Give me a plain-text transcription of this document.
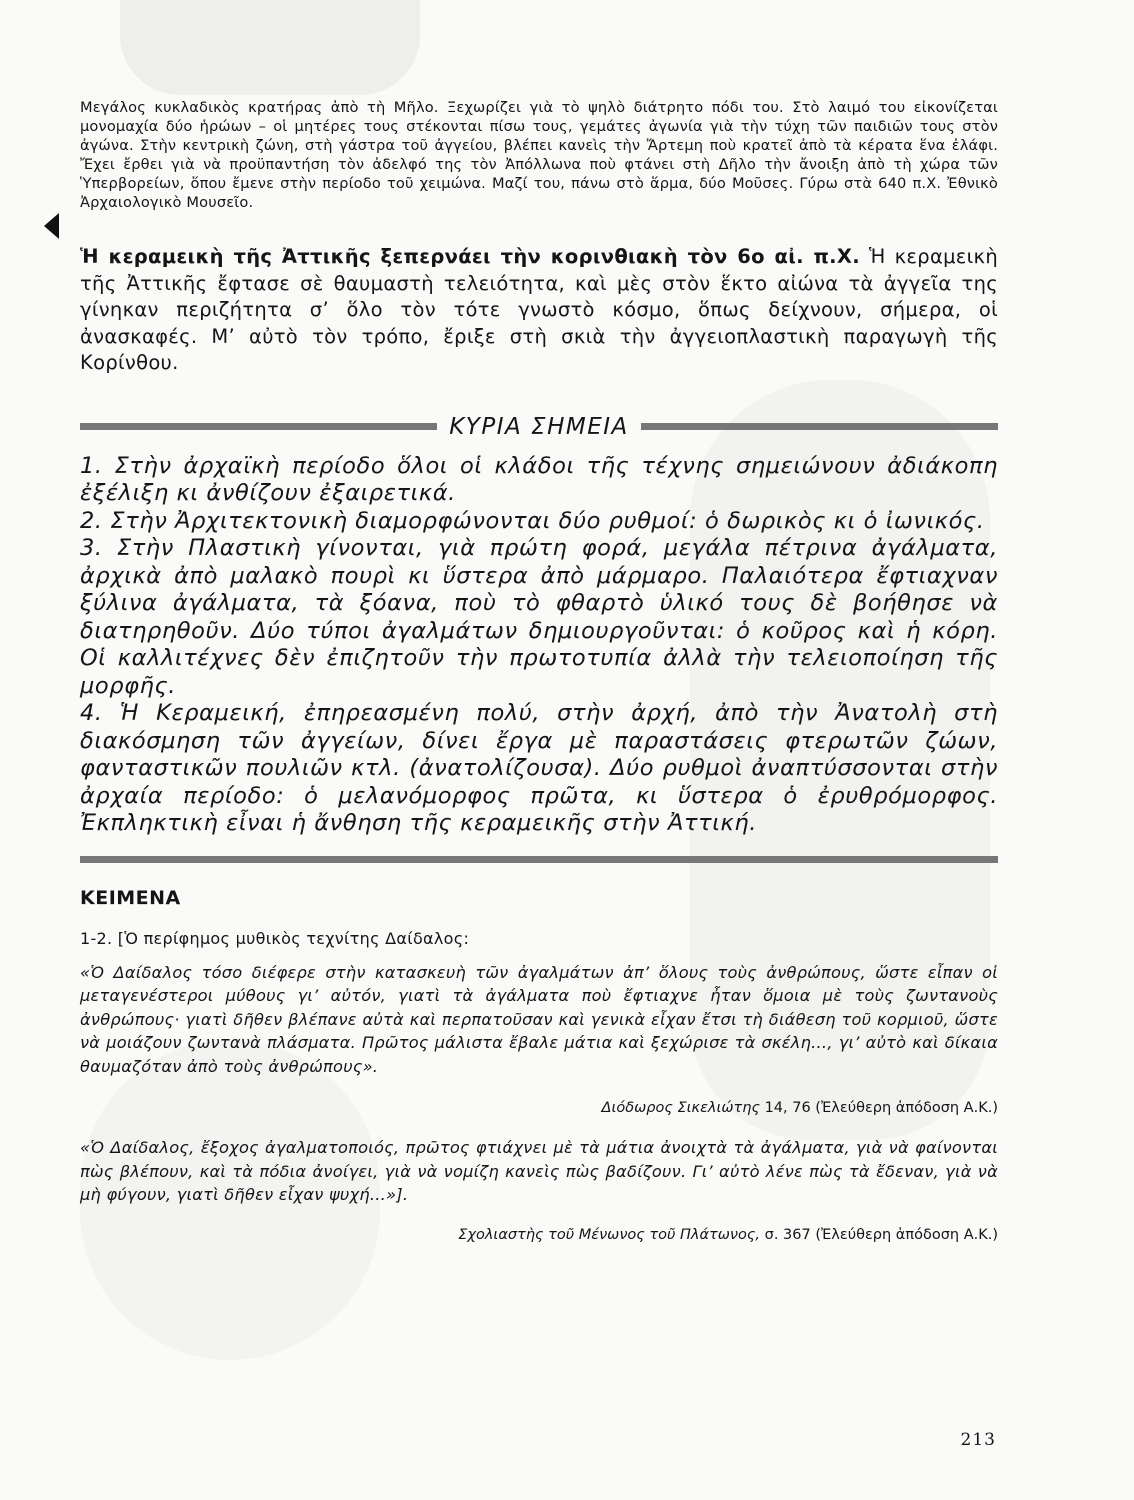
Μεγάλος κυκλαδικὸς κρατήρας ἀπὸ τὴ Μῆλο. Ξεχωρίζει γιὰ τὸ ψηλὸ διάτρητο πόδι του. Στὸ λαιμό του εἰκονίζεται μονομαχία δύο ἡρώων – οἱ μητέρες τους στέκονται πίσω τους, γεμάτες ἀγωνία γιὰ τὴν τύχη τῶν παιδιῶν τους στὸν ἀγώνα. Στὴν κεντρικὴ ζώνη, στὴ γάστρα τοῦ ἀγγείου, βλέπει κανεὶς τὴν Ἄρτεμη ποὺ κρατεῖ ἀπὸ τὰ κέρατα ἕνα ἐλάφι. Ἔχει ἔρθει γιὰ νὰ προϋπαντήση τὸν ἀδελφό της τὸν Ἀπόλλωνα ποὺ φτάνει στὴ Δῆλο τὴν ἄνοιξη ἀπὸ τὴ χώρα τῶν Ὑπερβορείων, ὅπου ἔμενε στὴν περίοδο τοῦ χειμώνα. Μαζί του, πάνω στὸ ἅρμα, δύο Μοῦσες. Γύρω στὰ 640 π.Χ. Ἐθνικὸ Ἀρχαιολογικὸ Μουσεῖο.

Ἡ κεραμεικὴ τῆς Ἀττικῆς ξεπερνάει τὴν κορινθιακὴ τὸν 6ο αἰ. π.Χ. Ἡ κεραμεικὴ τῆς Ἀττικῆς ἔφτασε σὲ θαυμαστὴ τελειότητα, καὶ μὲς στὸν ἕκτο αἰώνα τὰ ἀγγεῖα της γίνηκαν περιζήτητα σ’ ὅλο τὸν τότε γνωστὸ κόσμο, ὅπως δείχνουν, σήμερα, οἱ ἀνασκαφές. Μ’ αὐτὸ τὸν τρόπο, ἔριξε στὴ σκιὰ τὴν ἀγγειοπλαστικὴ παραγωγὴ τῆς Κορίνθου.

ΚΥΡΙΑ ΣΗΜΕΙΑ

1. Στὴν ἀρχαϊκὴ περίοδο ὅλοι οἱ κλάδοι τῆς τέχνης σημειώνουν ἀδιάκοπη ἐξέλιξη κι ἀνθίζουν ἐξαιρετικά.

2. Στὴν Ἀρχιτεκτονικὴ διαμορφώνονται δύο ρυθμοί: ὁ δωρικὸς κι ὁ ἰωνικός.

3. Στὴν Πλαστικὴ γίνονται, γιὰ πρώτη φορά, μεγάλα πέτρινα ἀγάλματα, ἀρχικὰ ἀπὸ μαλακὸ πουρὶ κι ὕστερα ἀπὸ μάρμαρο. Παλαιότερα ἔφτιαχναν ξύλινα ἀγάλματα, τὰ ξόανα, ποὺ τὸ φθαρτὸ ὑλικό τους δὲ βοήθησε νὰ διατηρηθοῦν. Δύο τύποι ἀγαλμάτων δημιουργοῦνται: ὁ κοῦρος καὶ ἡ κόρη. Οἱ καλλιτέχνες δὲν ἐπιζητοῦν τὴν πρωτοτυπία ἀλλὰ τὴν τελειοποίηση τῆς μορφῆς.

4. Ἡ Κεραμεική, ἐπηρεασμένη πολύ, στὴν ἀρχή, ἀπὸ τὴν Ἀνατολὴ στὴ διακόσμηση τῶν ἀγγείων, δίνει ἔργα μὲ παραστάσεις φτερωτῶν ζώων, φανταστικῶν πουλιῶν κτλ. (ἀνατολίζουσα). Δύο ρυθμοὶ ἀναπτύσσονται στὴν ἀρχαία περίοδο: ὁ μελανόμορφος πρῶτα, κι ὕστερα ὁ ἐρυθρόμορφος. Ἐκπληκτικὴ εἶναι ἡ ἄνθηση τῆς κεραμεικῆς στὴν Ἀττική.

ΚΕΙΜΕΝΑ
1-2. [Ὁ περίφημος μυθικὸς τεχνίτης Δαίδαλος:
«Ὁ Δαίδαλος τόσο διέφερε στὴν κατασκευὴ τῶν ἀγαλμάτων ἀπ’ ὅλους τοὺς ἀνθρώπους, ὥστε εἶπαν οἱ μεταγενέστεροι μύθους γι’ αὐτόν, γιατὶ τὰ ἀγάλματα ποὺ ἔφτιαχνε ἦταν ὅμοια μὲ τοὺς ζωντανοὺς ἀνθρώπους· γιατὶ δῆθεν βλέπανε αὐτὰ καὶ περπατοῦσαν καὶ γενικὰ εἶχαν ἔτσι τὴ διάθεση τοῦ κορμιοῦ, ὥστε νὰ μοιάζουν ζωντανὰ πλάσματα. Πρῶτος μάλιστα ἔβαλε μάτια καὶ ξεχώρισε τὰ σκέλη..., γι’ αὐτὸ καὶ δίκαια θαυμαζόταν ἀπὸ τοὺς ἀνθρώπους».
Διόδωρος Σικελιώτης 14, 76 (Ἐλεύθερη ἀπόδοση Α.Κ.)
«Ὁ Δαίδαλος, ἔξοχος ἀγαλματοποιός, πρῶτος φτιάχνει μὲ τὰ μάτια ἀνοιχτὰ τὰ ἀγάλματα, γιὰ νὰ φαίνονται πὼς βλέπουν, καὶ τὰ πόδια ἀνοίγει, γιὰ νὰ νομίζη κανεὶς πὼς βαδίζουν. Γι’ αὐτὸ λένε πὼς τὰ ἔδεναν, γιὰ νὰ μὴ φύγουν, γιατὶ δῆθεν εἶχαν ψυχή...»].
Σχολιαστὴς τοῦ Μένωνος τοῦ Πλάτωνος, σ. 367 (Ἐλεύθερη ἀπόδοση Α.Κ.)
213
